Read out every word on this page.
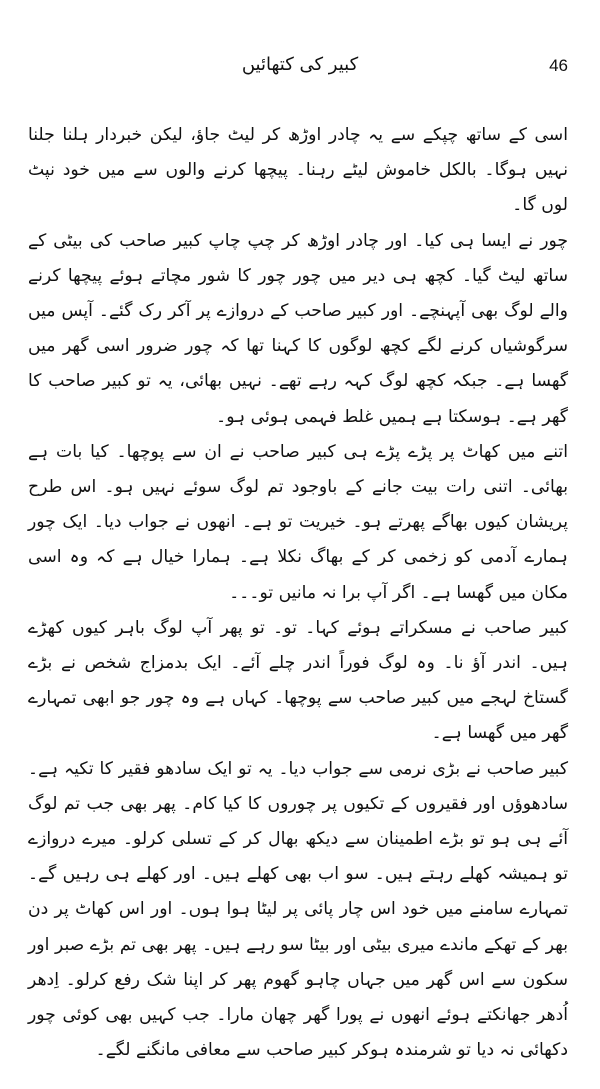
46
کبیر کی کتھائیں

اسی کے ساتھ چپکے سے یہ چادر اوڑھ کر لیٹ جاؤ، لیکن خبردار ہلنا جلنا نہیں ہوگا۔ بالکل خاموش لیٹے رہنا۔ پیچھا کرنے والوں سے میں خود نپٹ لوں گا۔

چور نے ایسا ہی کیا۔ اور چادر اوڑھ کر چپ چاپ کبیر صاحب کی بیٹی کے ساتھ لیٹ گیا۔ کچھ ہی دیر میں چور چور کا شور مچاتے ہوئے پیچھا کرنے والے لوگ بھی آپہنچے۔ اور کبیر صاحب کے دروازے پر آکر رک گئے۔ آپس میں سرگوشیاں کرنے لگے کچھ لوگوں کا کہنا تھا کہ چور ضرور اسی گھر میں گھسا ہے۔ جبکہ کچھ لوگ کہہ رہے تھے۔ نہیں بھائی، یہ تو کبیر صاحب کا گھر ہے۔ ہوسکتا ہے ہمیں غلط فہمی ہوئی ہو۔

اتنے میں کھاٹ پر پڑے پڑے ہی کبیر صاحب نے ان سے پوچھا۔ کیا بات ہے بھائی۔ اتنی رات بیت جانے کے باوجود تم لوگ سوئے نہیں ہو۔ اس طرح پریشان کیوں بھاگے پھرتے ہو۔ خیریت تو ہے۔ انھوں نے جواب دیا۔ ایک چور ہمارے آدمی کو زخمی کر کے بھاگ نکلا ہے۔ ہمارا خیال ہے کہ وہ اسی مکان میں گھسا ہے۔ اگر آپ برا نہ مانیں تو۔۔۔

کبیر صاحب نے مسکراتے ہوئے کہا۔ تو۔ تو پھر آپ لوگ باہر کیوں کھڑے ہیں۔ اندر آؤ نا۔ وہ لوگ فوراً اندر چلے آئے۔ ایک بدمزاج شخص نے بڑے گستاخ لہجے میں کبیر صاحب سے پوچھا۔ کہاں ہے وہ چور جو ابھی تمہارے گھر میں گھسا ہے۔

کبیر صاحب نے بڑی نرمی سے جواب دیا۔ یہ تو ایک سادھو فقیر کا تکیہ ہے۔ سادھوؤں اور فقیروں کے تکیوں پر چوروں کا کیا کام۔ پھر بھی جب تم لوگ آئے ہی ہو تو بڑے اطمینان سے دیکھ بھال کر کے تسلی کرلو۔ میرے دروازے تو ہمیشہ کھلے رہتے ہیں۔ سو اب بھی کھلے ہیں۔ اور کھلے ہی رہیں گے۔ تمہارے سامنے میں خود اس چار پائی پر لیٹا ہوا ہوں۔ اور اس کھاٹ پر دن بھر کے تھکے ماندے میری بیٹی اور بیٹا سو رہے ہیں۔ پھر بھی تم بڑے صبر اور سکون سے اس گھر میں جہاں چاہو گھوم پھر کر اپنا شک رفع کرلو۔ اِدھر اُدھر جھانکتے ہوئے انھوں نے پورا گھر چھان مارا۔ جب کہیں بھی کوئی چور دکھائی نہ دیا تو شرمندہ ہوکر کبیر صاحب سے معافی مانگنے لگے۔
